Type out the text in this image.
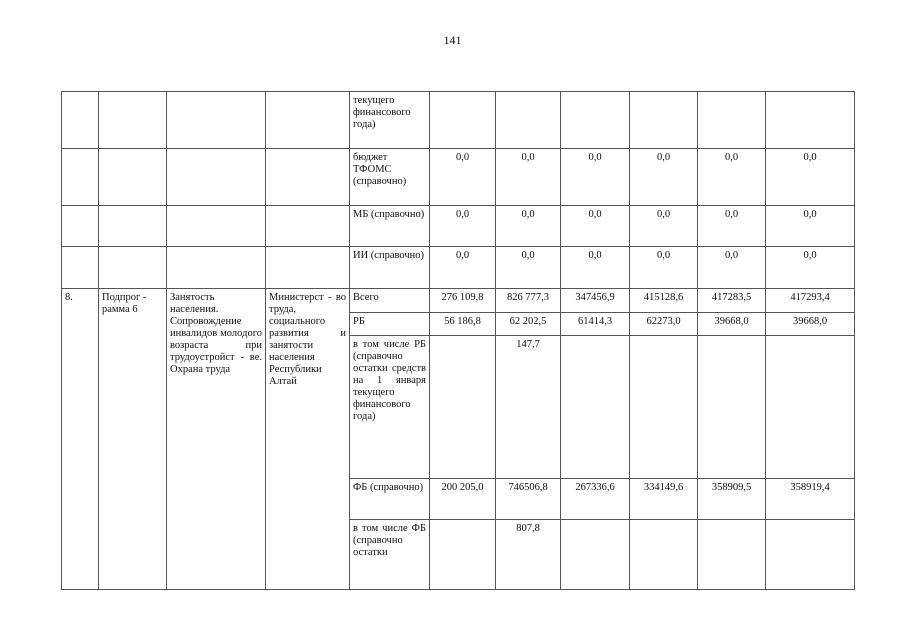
141
				текущего финансового года)						
				бюджет ТФОМС (справочно)	0,0	0,0	0,0	0,0	0,0	0,0
				МБ (справочно)	0,0	0,0	0,0	0,0	0,0	0,0
				ИИ (справочно)	0,0	0,0	0,0	0,0	0,0	0,0
8.	Подпрог - рамма 6	Занятость населения. Сопровождение инвалидов молодого возраста при трудоустройст - ве. Охрана труда	Министерст - во труда, социального развития и занятости населения Республики Алтай	Всего	276 109,8	826 777,3	347456,9	415128,6	417283,5	417293,4
				РБ	56 186,8	62 202,5	61414,3	62273,0	39668,0	39668,0
				в том числе РБ (справочно остатки средств на 1 января текущего финансового года)		147,7				
				ФБ (справочно)	200 205,0	746506,8	267336,6	334149,6	358909,5	358919,4
				в том числе ФБ (справочно остатки		807,8				
